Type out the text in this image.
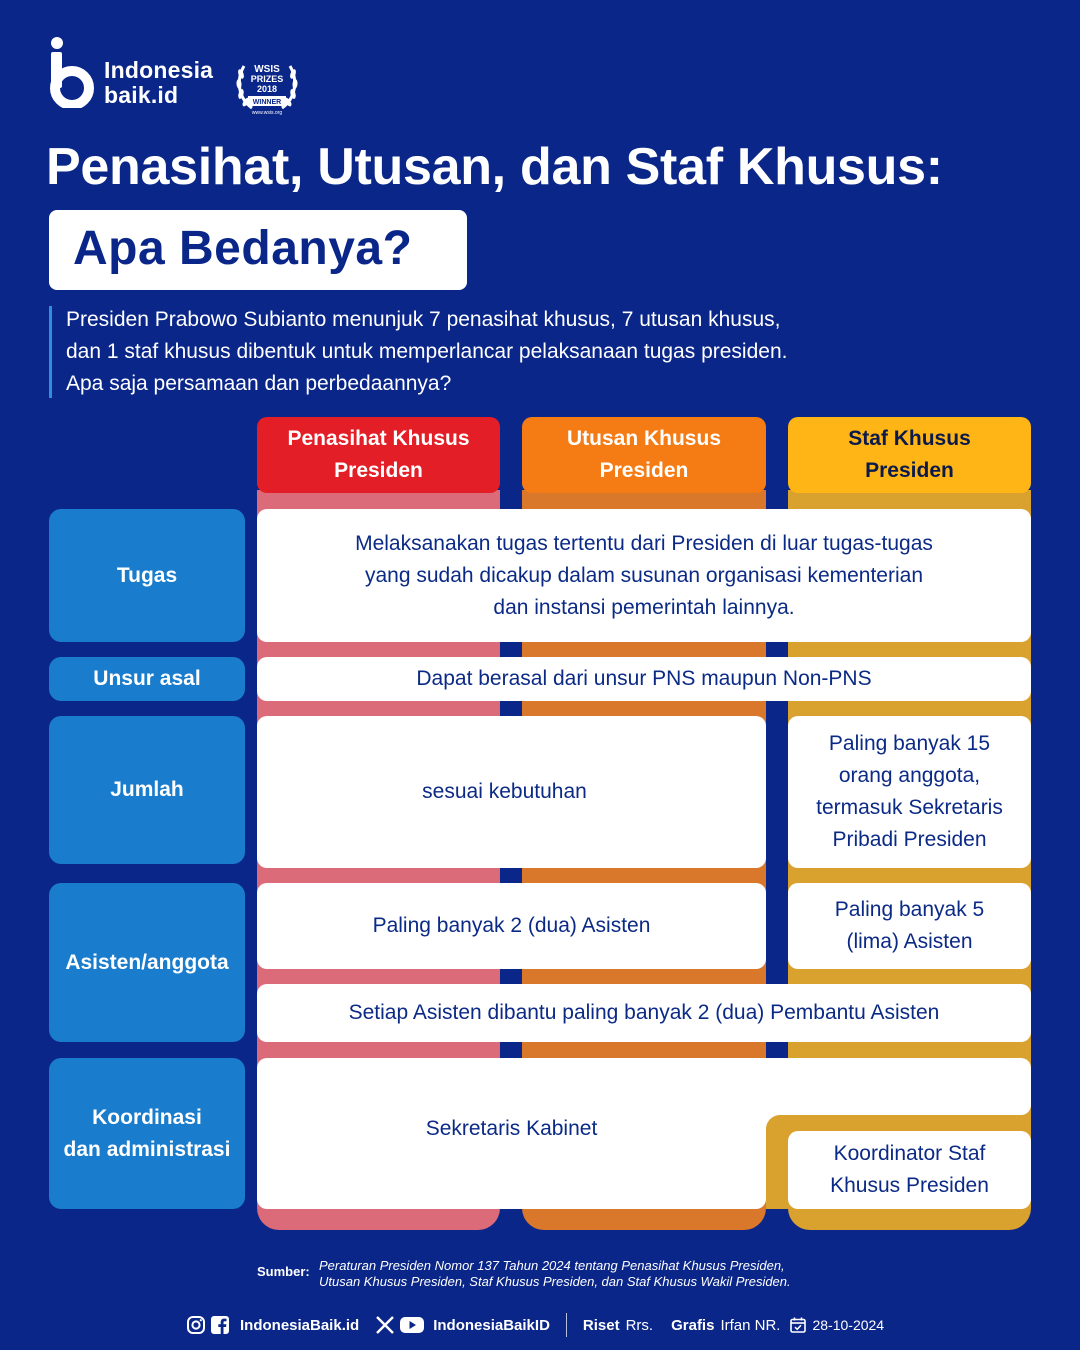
Indonesia
baik.id
WSIS
PRIZES
2018
WINNER
www.wsis.org
Penasihat, Utusan, dan Staf Khusus:
Apa Bedanya?
Presiden Prabowo Subianto menunjuk 7 penasihat khusus, 7 utusan khusus,
dan 1 staf khusus dibentuk untuk memperlancar pelaksanaan tugas presiden.
Apa saja persamaan dan perbedaannya?
Penasihat Khusus
Presiden
Utusan Khusus
Presiden
Staf Khusus
Presiden
Tugas
Unsur asal
Jumlah
Asisten/anggota
Koordinasi
dan administrasi
Melaksanakan tugas tertentu dari Presiden di luar tugas-tugas
yang sudah dicakup dalam susunan organisasi kementerian
dan instansi pemerintah lainnya.
Dapat berasal dari unsur PNS maupun Non-PNS
sesuai kebutuhan
Paling banyak 15
orang anggota,
termasuk Sekretaris
Pribadi Presiden
Paling banyak 2 (dua) Asisten
Paling banyak 5
(lima) Asisten
Setiap Asisten dibantu paling banyak 2 (dua) Pembantu Asisten
Sekretaris Kabinet
Koordinator Staf
Khusus Presiden
Sumber: Peraturan Presiden Nomor 137 Tahun 2024 tentang Penasihat Khusus Presiden,
Utusan Khusus Presiden, Staf Khusus Presiden, dan Staf Khusus Wakil Presiden.
IndonesiaBaik.id	IndonesiaBaikID Riset Rrs. Grafis Irfan NR. 28-10-2024
